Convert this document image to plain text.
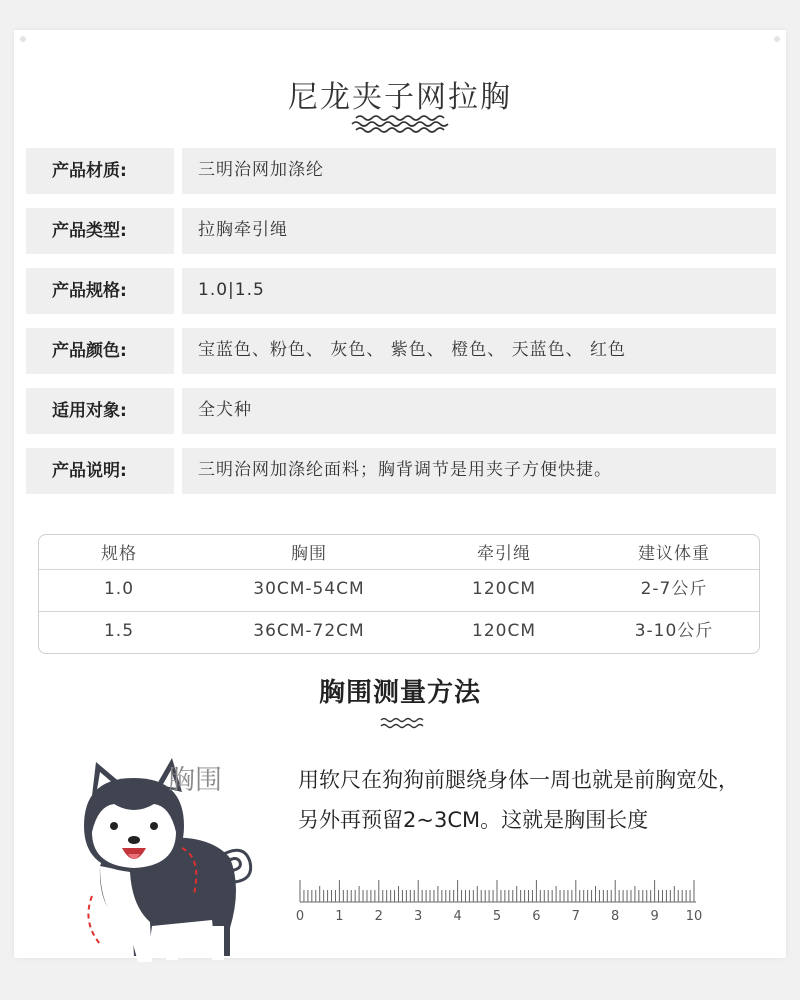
尼龙夹子网拉胸
产品材质:	三明治网加涤纶
产品类型:	拉胸牵引绳
产品规格:	1.0|1.5
产品颜色:	宝蓝色、粉色、 灰色、 紫色、 橙色、 天蓝色、 红色
适用对象:	全犬种
产品说明:	三明治网加涤纶面料；胸背调节是用夹子方便快捷。
规格	胸围	牵引绳	建议体重
1.0	30CM-54CM	120CM	2-7公斤
1.5	36CM-72CM	120CM	3-10公斤
胸围测量方法
胸围	用软尺在狗狗前腿绕身体一周也就是前胸宽处，另外再预留2~3CM。这就是胸围长度
0 1 2 3 4 5 6 7 8 9 10
